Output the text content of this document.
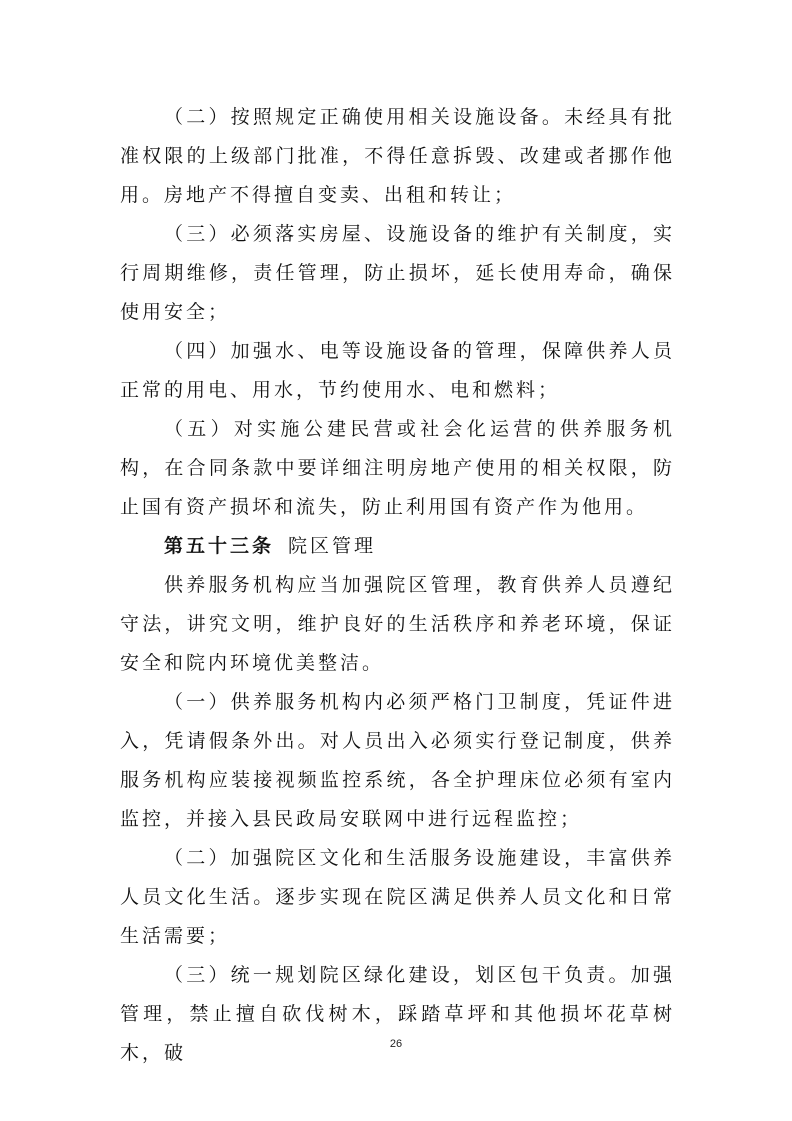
（二）按照规定正确使用相关设施设备。未经具有批准权限的上级部门批准，不得任意拆毁、改建或者挪作他用。房地产不得擅自变卖、出租和转让；

（三）必须落实房屋、设施设备的维护有关制度，实行周期维修，责任管理，防止损坏，延长使用寿命，确保使用安全；

（四）加强水、电等设施设备的管理，保障供养人员正常的用电、用水，节约使用水、电和燃料；

（五）对实施公建民营或社会化运营的供养服务机构，在合同条款中要详细注明房地产使用的相关权限，防止国有资产损坏和流失，防止利用国有资产作为他用。

第五十三条 院区管理

供养服务机构应当加强院区管理，教育供养人员遵纪守法，讲究文明，维护良好的生活秩序和养老环境，保证安全和院内环境优美整洁。

（一）供养服务机构内必须严格门卫制度，凭证件进入，凭请假条外出。对人员出入必须实行登记制度，供养服务机构应装接视频监控系统，各全护理床位必须有室内监控，并接入县民政局安联网中进行远程监控；

（二）加强院区文化和生活服务设施建设，丰富供养人员文化生活。逐步实现在院区满足供养人员文化和日常生活需要；

（三）统一规划院区绿化建设，划区包干负责。加强管理，禁止擅自砍伐树木，踩踏草坪和其他损坏花草树木，破	26
